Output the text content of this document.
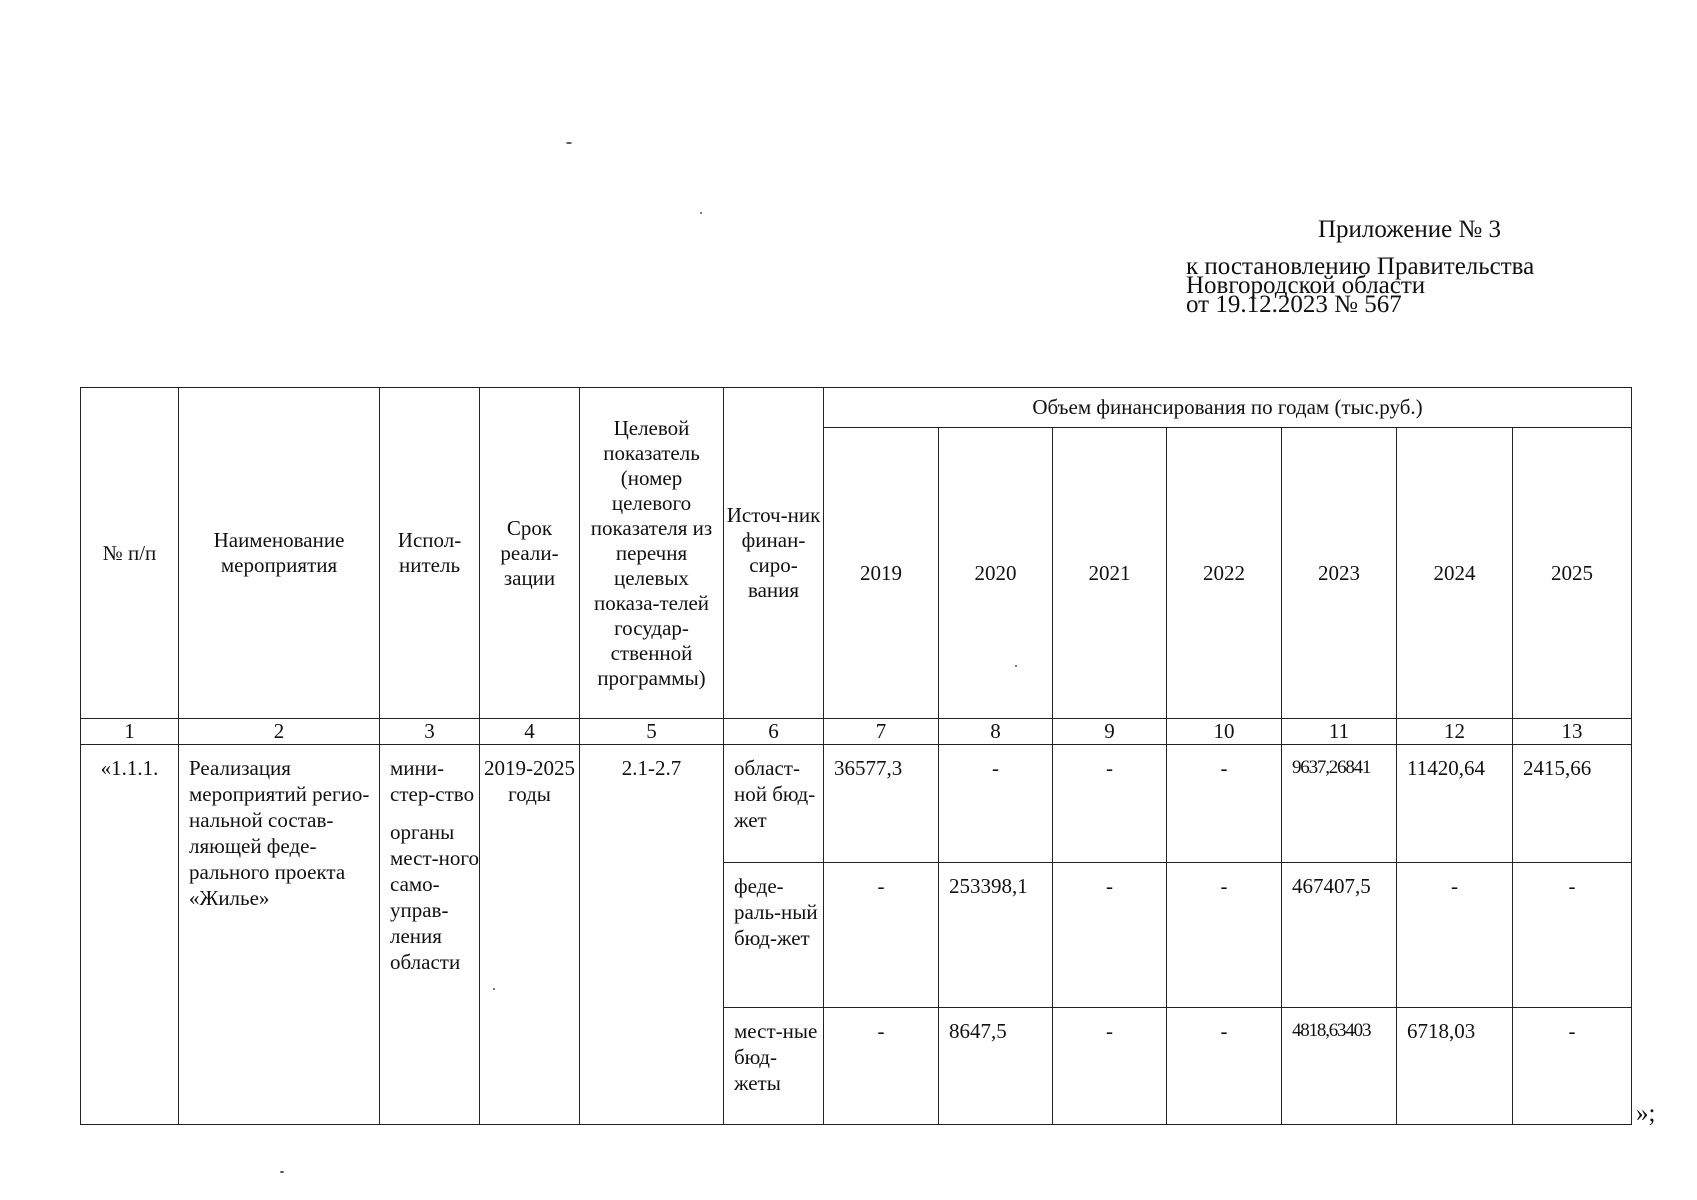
Приложение № 3
к постановлению Правительства
Новгородской области
от 19.12.2023 № 567
№ п/п	Наименование мероприятия	Испол-нитель	Срок реали-зации	Целевой показатель (номер целевого показателя из перечня целевых показа-телей государ-ственной программы)	Источ-ник финан-сиро-вания	Объем финансирования по годам (тыс.руб.)						
						2019	2020	2021	2022	2023	2024	2025
1	2	3	4	5	6	7	8	9	10	11	12	13
«1.1.1.	Реализация мероприятий регио-нальной состав-ляющей феде-рального проекта «Жилье»	мини-стер-ство
органы мест-ного само-управ-ления области	2019-2025 годы	2.1-2.7	област-ной бюд-жет	36577,3	-	-	-	9637,26841	11420,64	2415,66
					феде-раль-ный бюд-жет	-	253398,1	-	-	467407,5	-	-
					мест-ные бюд-жеты	-	8647,5	-	-	4818,63403	6718,03	-
»;
